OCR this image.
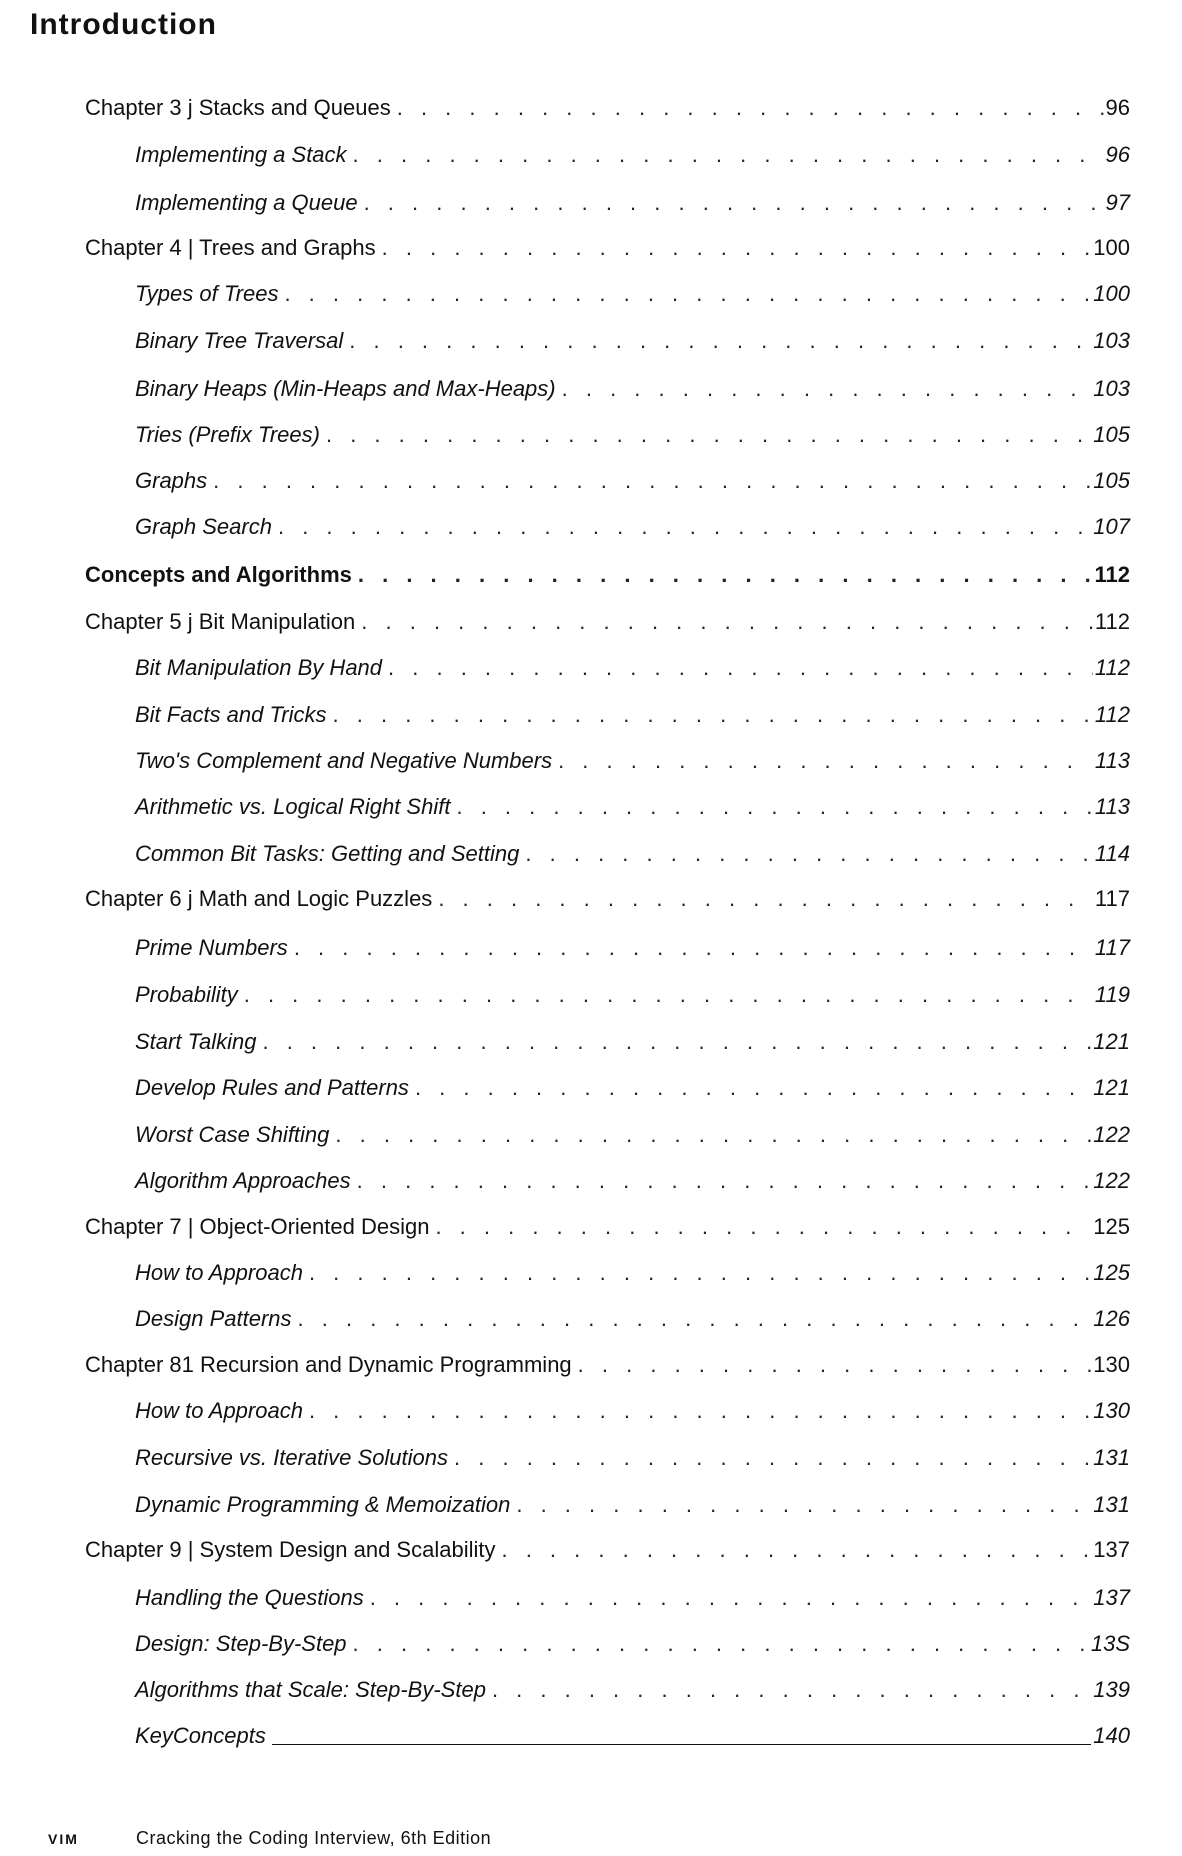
Introduction
Chapter 3 j Stacks and Queues . . .	96
Implementing a Stack . . .	96
Implementing a Queue . . .	97
Chapter 4 | Trees and Graphs . . .	100
Types of Trees . . .	100
Binary Tree Traversal . . .	103
Binary Heaps (Min-Heaps and Max-Heaps) . . .	103
Tries (Prefix Trees) . . .	105
Graphs . . .	105
Graph Search . . .	107
Concepts and Algorithms . . .	112
Chapter 5 j Bit Manipulation . . .	112
Bit Manipulation By Hand . . .	112
Bit Facts and Tricks . . .	112
Two's Complement and Negative Numbers . . .	113
Arithmetic vs. Logical Right Shift . . .	113
Common Bit Tasks: Getting and Setting . . .	114
Chapter 6 j Math and Logic Puzzles . . .	117
Prime Numbers . . .	117
Probability . . .	119
Start Talking . . .	121
Develop Rules and Patterns . . .	121
Worst Case Shifting . . .	122
Algorithm Approaches . . .	122
Chapter 7 | Object-Oriented Design . . .	125
How to Approach . . .	125
Design Patterns . . .	126
Chapter 81 Recursion and Dynamic Programming . . .	130
How to Approach . . .	130
Recursive vs. Iterative Solutions . . .	131
Dynamic Programming & Memoization . . .	131
Chapter 9 | System Design and Scalability . . .	137
Handling the Questions . . .	137
Design: Step-By-Step . . .	13S
Algorithms that Scale: Step-By-Step . . .	139
KeyConcepts	140
VIM	Cracking the Coding Interview, 6th Edition
